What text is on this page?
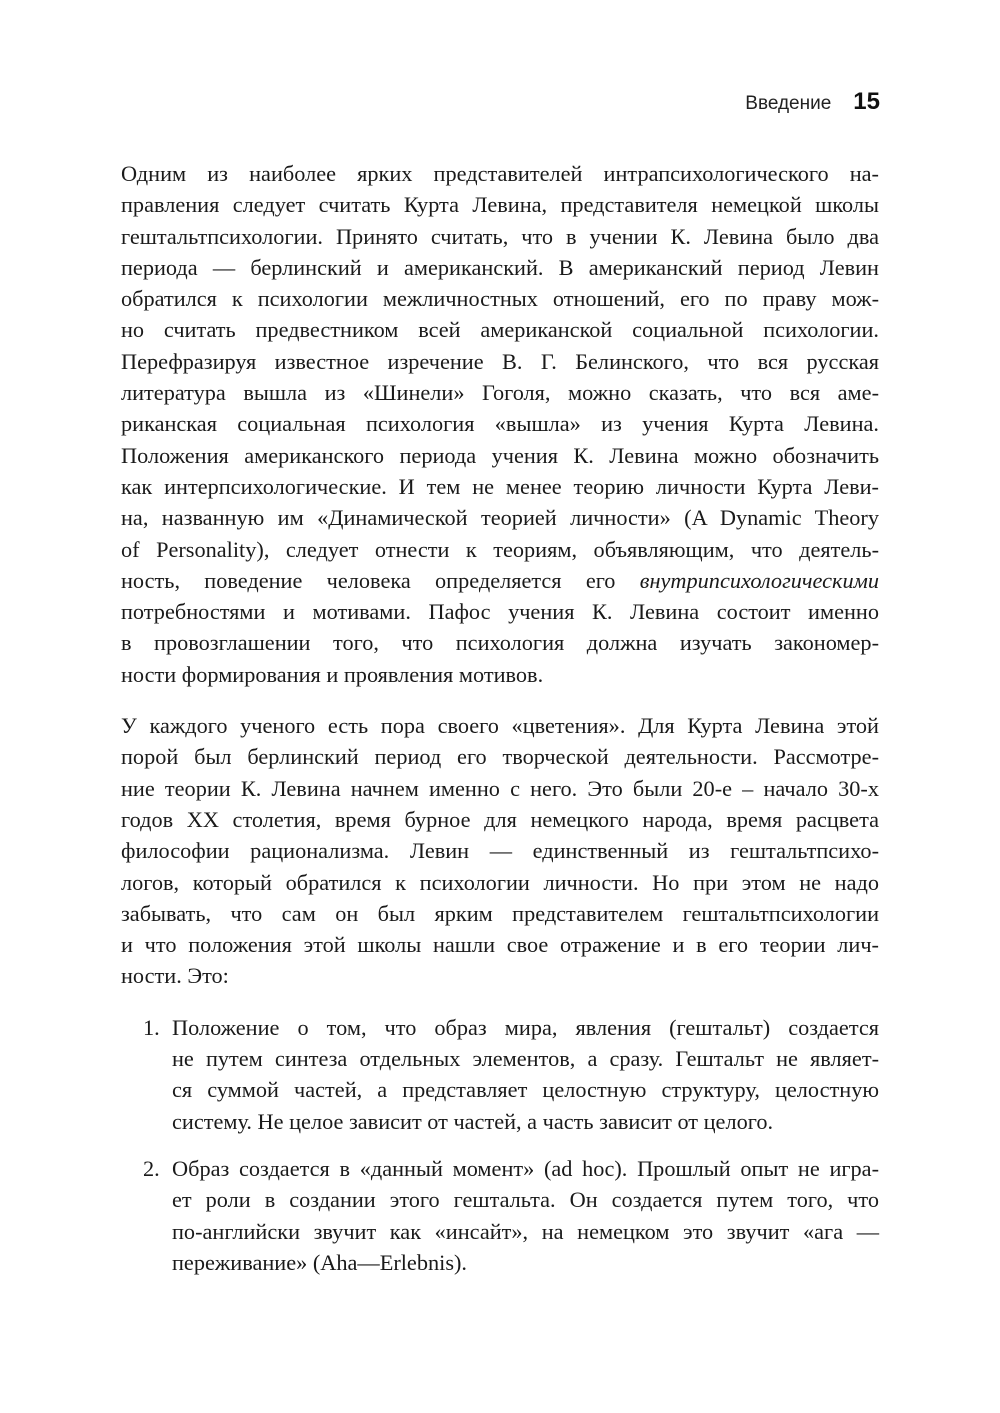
Введение 15
Одним из наиболее ярких представителей интрапсихологического на-
правления следует считать Курта Левина, представителя немецкой школы
гештальтпсихологии. Принято считать, что в учении К. Левина было два
периода — берлинский и американский. В американский период Левин
обратился к психологии межличностных отношений, его по праву мож-
но считать предвестником всей американской социальной психологии.
Перефразируя известное изречение В. Г. Белинского, что вся русская
литература вышла из «Шинели» Гоголя, можно сказать, что вся аме-
риканская социальная психология «вышла» из учения Курта Левина.
Положения американского периода учения К. Левина можно обозначить
как интерпсихологические. И тем не менее теорию личности Курта Леви-
на, названную им «Динамической теорией личности» (A Dynamic Theory
of Personality), следует отнести к теориям, объявляющим, что деятель-
ность, поведение человека определяется его внутрипсихологическими
потребностями и мотивами. Пафос учения К. Левина состоит именно
в провозглашении того, что психология должна изучать закономер-
ности формирования и проявления мотивов.
У каждого ученого есть пора своего «цветения». Для Курта Левина этой
порой был берлинский период его творческой деятельности. Рассмотре-
ние теории К. Левина начнем именно с него. Это были 20-е – начало 30-х
годов XX столетия, время бурное для немецкого народа, время расцвета
философии рационализма. Левин — единственный из гештальтпсихо-
логов, который обратился к психологии личности. Но при этом не надо
забывать, что сам он был ярким представителем гештальтпсихологии
и что положения этой школы нашли свое отражение и в его теории лич-
ности. Это:
1. Положение о том, что образ мира, явления (гештальт) создается
не путем синтеза отдельных элементов, а сразу. Гештальт не являет-
ся суммой частей, а представляет целостную структуру, целостную
систему. Не целое зависит от частей, а часть зависит от целого.
2. Образ создается в «данный момент» (ad hoc). Прошлый опыт не игра-
ет роли в создании этого гештальта. Он создается путем того, что
по-английски звучит как «инсайт», на немецком это звучит «ага —
переживание» (Aha—Erlebnis).
